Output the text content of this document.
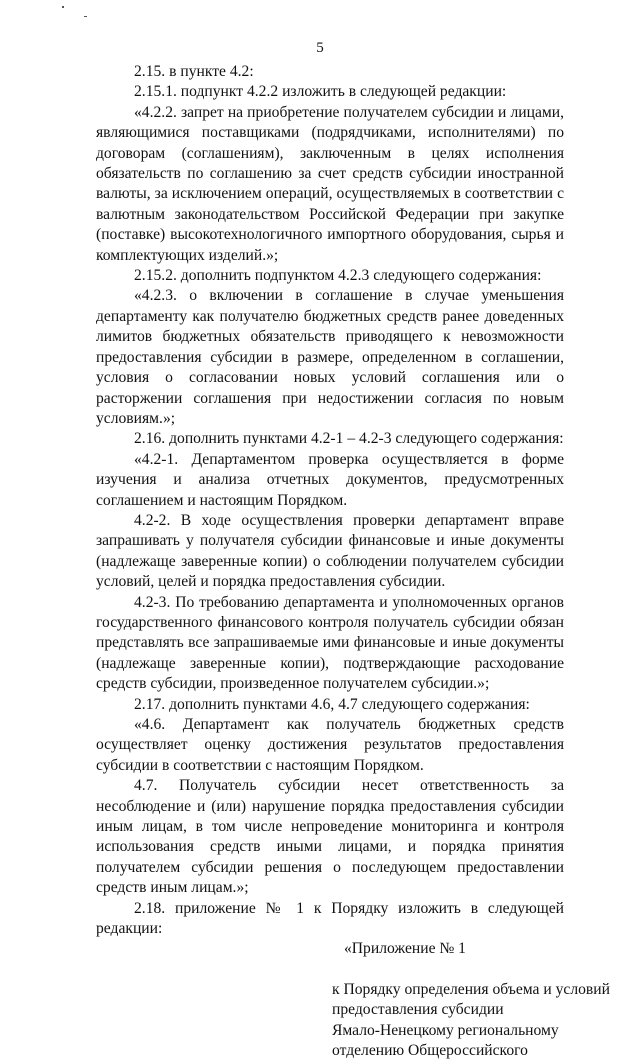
5

2.15. в пункте 4.2:

2.15.1. подпункт 4.2.2 изложить в следующей редакции:

«4.2.2. запрет на приобретение получателем субсидии и лицами, являющимися поставщиками (подрядчиками, исполнителями) по договорам (соглашениям), заключенным в целях исполнения обязательств по соглашению за счет средств субсидии иностранной валюты, за исключением операций, осуществляемых в соответствии с валютным законодательством Российской Федерации при закупке (поставке) высокотехнологичного импортного оборудования, сырья и комплектующих изделий.»;

2.15.2. дополнить подпунктом 4.2.3 следующего содержания:

«4.2.3. о включении в соглашение в случае уменьшения департаменту как получателю бюджетных средств ранее доведенных лимитов бюджетных обязательств приводящего к невозможности предоставления субсидии в размере, определенном в соглашении, условия о согласовании новых условий соглашения или о расторжении соглашения при недостижении согласия по новым условиям.»;

2.16. дополнить пунктами 4.2-1 – 4.2-3 следующего содержания:

«4.2-1. Департаментом проверка осуществляется в форме изучения и анализа отчетных документов, предусмотренных соглашением и настоящим Порядком.

4.2-2. В ходе осуществления проверки департамент вправе запрашивать у получателя субсидии финансовые и иные документы (надлежаще заверенные копии) о соблюдении получателем субсидии условий, целей и порядка предоставления субсидии.

4.2-3. По требованию департамента и уполномоченных органов государственного финансового контроля получатель субсидии обязан представлять все запрашиваемые ими финансовые и иные документы (надлежаще заверенные копии), подтверждающие расходование средств субсидии, произведенное получателем субсидии.»;

2.17. дополнить пунктами 4.6, 4.7 следующего содержания:

«4.6. Департамент как получатель бюджетных средств осуществляет оценку достижения результатов предоставления субсидии в соответствии с настоящим Порядком.

4.7. Получатель субсидии несет ответственность за несоблюдение и (или) нарушение порядка предоставления субсидии иным лицам, в том числе непроведение мониторинга и контроля использования средств иными лицами, и порядка принятия получателем субсидии решения о последующем предоставлении средств иным лицам.»;

2.18. приложение № 1 к Порядку изложить в следующей редакции:

«Приложение № 1
к Порядку определения объема и условий
предоставления субсидии
Ямало-Ненецкому региональному
отделению Общероссийского
